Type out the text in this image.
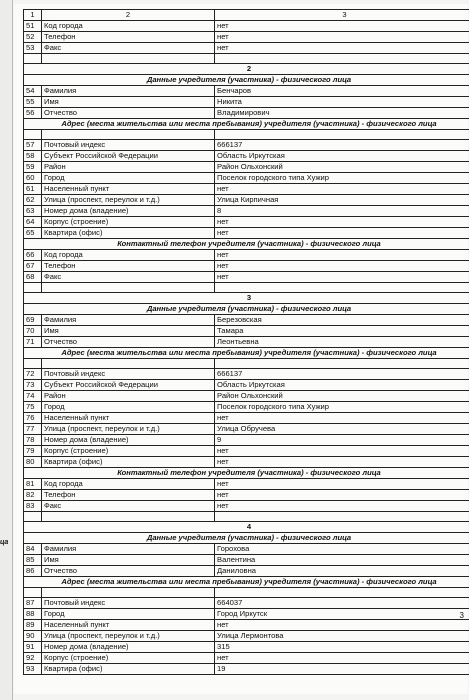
ца
1	2	3
51	Код города	нет
52	Телефон	нет
53	Факс	нет

2		
Данные учредителя (участника) - физического лица		
54	Фамилия	Бенчаров
55	Имя	Никита
56	Отчество	Владимирович
Адрес (места жительства или места пребывания) учредителя (участника) - физического лица		

57	Почтовый индекс	666137
58	Субъект Российской Федерации	Область Иркутская
59	Район	Район Ольхонский
60	Город	Поселок городского типа Хужир
61	Населенный пункт	нет
62	Улица (проспект, переулок и т.д.)	Улица Кирпичная
63	Номер дома (владение)	8
64	Корпус (строение)	нет
65	Квартира (офис)	нет
Контактный телефон учредителя (участника) - физического лица		
66	Код города	нет
67	Телефон	нет
68	Факс	нет

3		
Данные учредителя (участника) - физического лица		
69	Фамилия	Березовская
70	Имя	Тамара
71	Отчество	Леонтьевна
Адрес (места жительства или места пребывания) учредителя (участника) - физического лица		

72	Почтовый индекс	666137
73	Субъект Российской Федерации	Область Иркутская
74	Район	Район Ольхонский
75	Город	Поселок городского типа Хужир
76	Населенный пункт	нет
77	Улица (проспект, переулок и т.д.)	Улица Обручева
78	Номер дома (владение)	9
79	Корпус (строение)	нет
80	Квартира (офис)	нет
Контактный телефон учредителя (участника) - физического лица		
81	Код города	нет
82	Телефон	нет
83	Факс	нет

4		
Данные учредителя (участника) - физического лица		
84	Фамилия	Горохова
85	Имя	Валентина
86	Отчество	Даниловна
Адрес (места жительства или места пребывания) учредителя (участника) - физического лица		

87	Почтовый индекс	664037
88	Город	Город Иркутск
89	Населенный пункт	нет
90	Улица (проспект, переулок и т.д.)	Улица Лермонтова
91	Номер дома (владение)	315
92	Корпус (строение)	нет
93	Квартира (офис)	19
3
